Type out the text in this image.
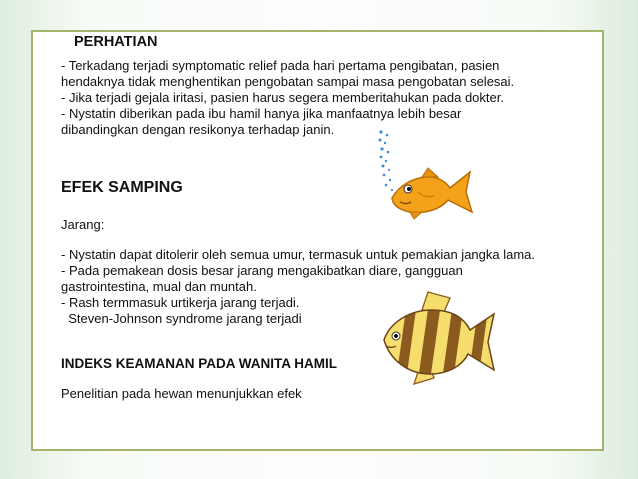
PERHATIAN
- Terkadang terjadi symptomatic relief pada hari pertama pengibatan, pasien
hendaknya tidak menghentikan pengobatan sampai masa pengobatan selesai.
- Jika terjadi gejala iritasi, pasien harus segera memberitahukan pada dokter.
- Nystatin diberikan pada ibu hamil hanya jika manfaatnya lebih besar
dibandingkan dengan resikonya terhadap janin.
EFEK SAMPING
Jarang:
- Nystatin dapat ditolerir oleh semua umur, termasuk untuk pemakian jangka lama.
- Pada pemakean dosis besar jarang mengakibatkan diare, gangguan
gastrointestina, mual dan muntah.
- Rash termmasuk urtikerja jarang terjadi.
Steven-Johnson syndrome jarang terjadi
INDEKS KEAMANAN PADA WANITA HAMIL
Penelitian pada hewan menunjukkan efek
